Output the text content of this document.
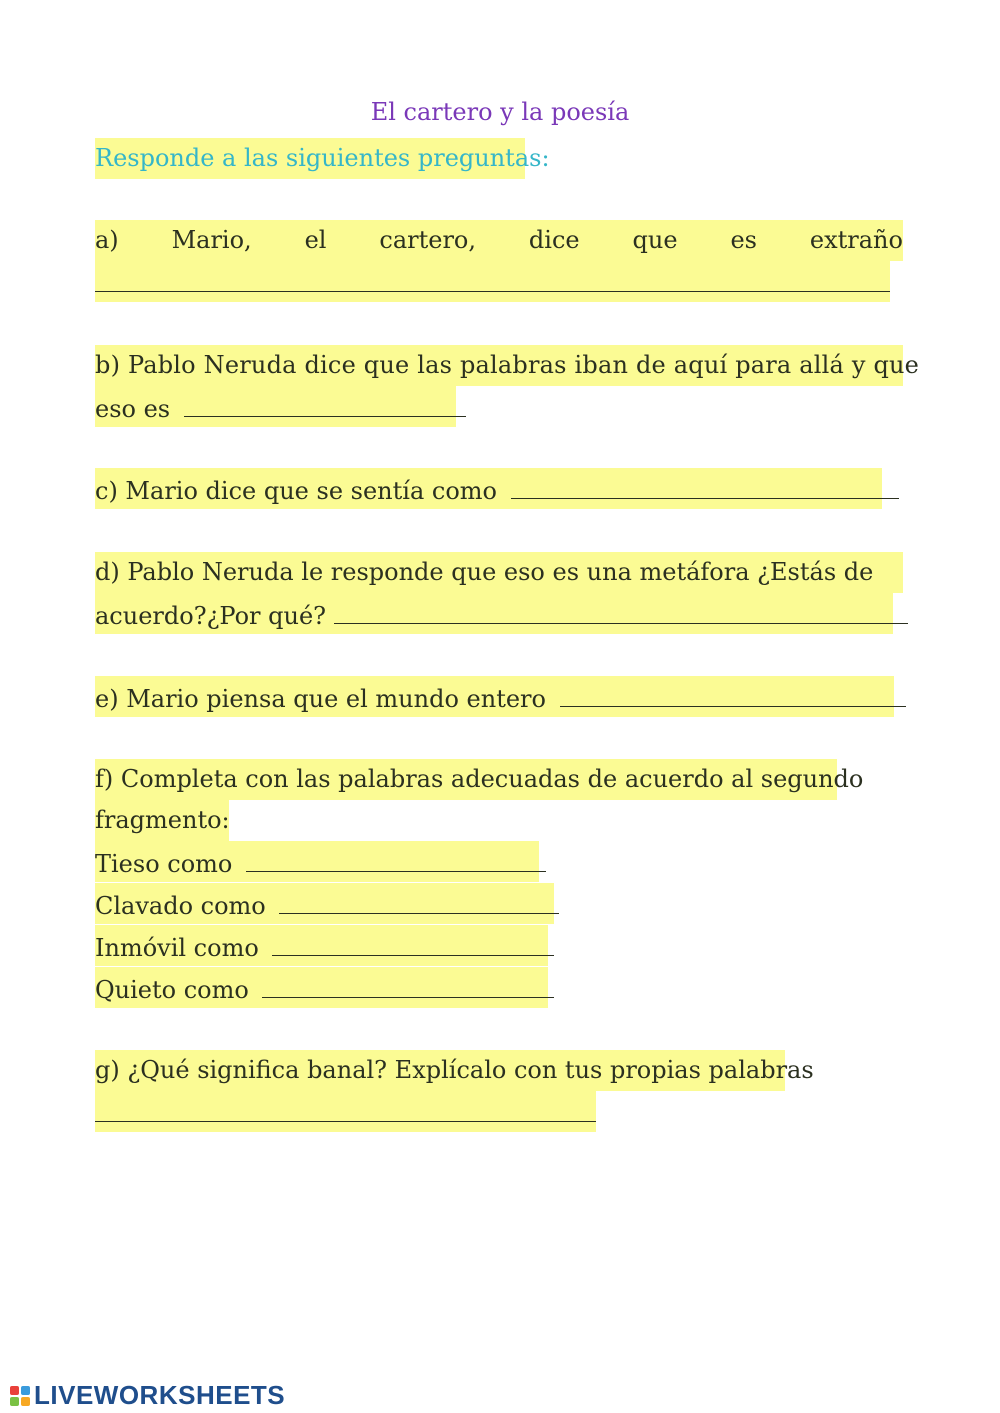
El cartero y la poesía
Responde a las siguientes preguntas:
a) Mario, el cartero, dice que es extraño
b) Pablo Neruda dice que las palabras iban de aquí para allá y que
eso es
c) Mario dice que se sentía como
d) Pablo Neruda le responde que eso es una metáfora ¿Estás de
acuerdo?¿Por qué?
e) Mario piensa que el mundo entero
f) Completa con las palabras adecuadas de acuerdo al segundo
fragmento:
Tieso como
Clavado como
Inmóvil como
Quieto como
g) ¿Qué significa banal? Explícalo con tus propias palabras
LIVEWORKSHEETS
